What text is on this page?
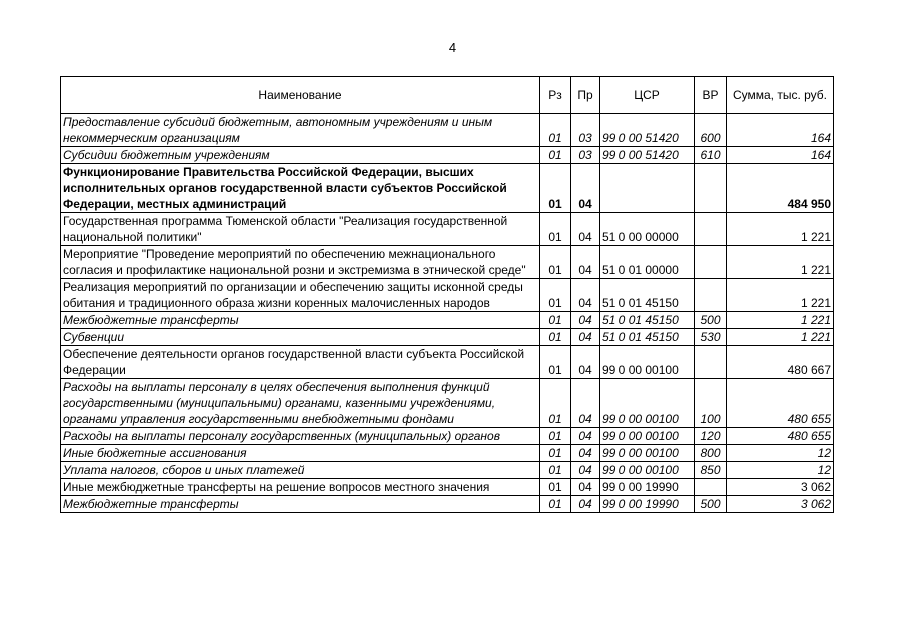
4
Наименование	Рз	Пр	ЦСР	ВР	Сумма, тыс. руб.
Предоставление субсидий бюджетным, автономным учреждениям и иным некоммерческим организациям	01	03	99 0 00 51420	600	164
Субсидии бюджетным учреждениям	01	03	99 0 00 51420	610	164
Функционирование Правительства Российской Федерации, высших исполнительных органов государственной власти субъектов Российской Федерации, местных администраций	01	04			484 950
Государственная программа Тюменской области "Реализация государственной национальной политики"	01	04	51 0 00 00000		1 221
Мероприятие "Проведение мероприятий по обеспечению межнационального согласия и профилактике национальной розни и экстремизма в этнической среде"	01	04	51 0 01 00000		1 221
Реализация мероприятий по организации и обеспечению защиты исконной среды обитания и традиционного образа жизни коренных малочисленных народов	01	04	51 0 01 45150		1 221
Межбюджетные трансферты	01	04	51 0 01 45150	500	1 221
Субвенции	01	04	51 0 01 45150	530	1 221
Обеспечение деятельности органов государственной власти субъекта Российской Федерации	01	04	99 0 00 00100		480 667
Расходы на выплаты персоналу в целях обеспечения выполнения функций государственными (муниципальными) органами, казенными учреждениями, органами управления государственными внебюджетными фондами	01	04	99 0 00 00100	100	480 655
Расходы на выплаты персоналу государственных (муниципальных) органов	01	04	99 0 00 00100	120	480 655
Иные бюджетные ассигнования	01	04	99 0 00 00100	800	12
Уплата налогов, сборов и иных платежей	01	04	99 0 00 00100	850	12
Иные межбюджетные трансферты на решение вопросов местного значения	01	04	99 0 00 19990		3 062
Межбюджетные трансферты	01	04	99 0 00 19990	500	3 062
